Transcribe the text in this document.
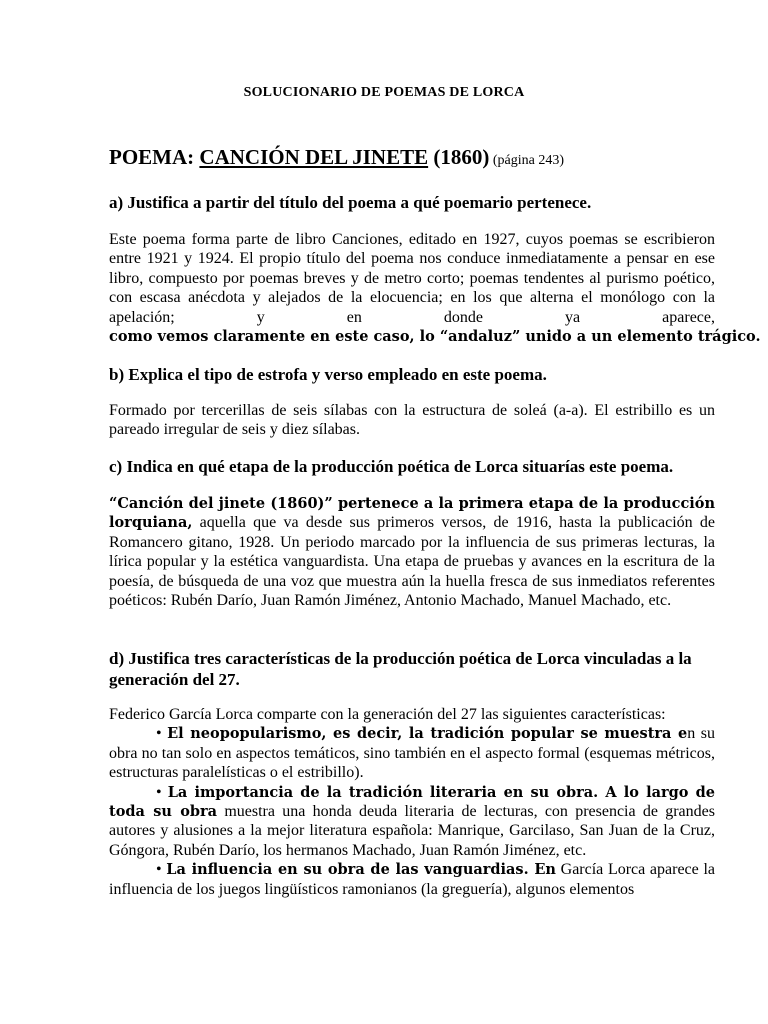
SOLUCIONARIO DE POEMAS DE LORCA
POEMA: CANCIÓN DEL JINETE (1860) (página 243)
a) Justifica a partir del título del poema a qué poemario pertenece.
Este poema forma parte de libro Canciones, editado en 1927, cuyos poemas se escribieron entre 1921 y 1924. El propio título del poema nos conduce inmediatamente a pensar en ese libro, compuesto por poemas breves y de metro corto; poemas tendentes al purismo poético, con escasa anécdota y alejados de la elocuencia; en los que alterna el monólogo con la apelación; y en donde ya aparece, como vemos claramente en este caso, lo “andaluz” unido a un elemento trágico.
b) Explica el tipo de estrofa y verso empleado en este poema.
Formado por tercerillas de seis sílabas con la estructura de soleá (a-a). El estribillo es un pareado irregular de seis y diez sílabas.
c) Indica en qué etapa de la producción poética de Lorca situarías este poema.
“Canción del jinete (1860)” pertenece a la primera etapa de la producción lorquiana, aquella que va desde sus primeros versos, de 1916, hasta la publicación de Romancero gitano, 1928. Un periodo marcado por la influencia de sus primeras lecturas, la lírica popular y la estética vanguardista. Una etapa de pruebas y avances en la escritura de la poesía, de búsqueda de una voz que muestra aún la huella fresca de sus inmediatos referentes poéticos: Rubén Darío, Juan Ramón Jiménez, Antonio Machado, Manuel Machado, etc.
d) Justifica tres características de la producción poética de Lorca vinculadas a la generación del 27.
Federico García Lorca comparte con la generación del 27 las siguientes características:
• El neopopularismo, es decir, la tradición popular se muestra en su obra no tan solo en aspectos temáticos, sino también en el aspecto formal (esquemas métricos, estructuras paralelísticas o el estribillo).
• La importancia de la tradición literaria en su obra. A lo largo de toda su obra muestra una honda deuda literaria de lecturas, con presencia de grandes autores y alusiones a la mejor literatura española: Manrique, Garcilaso, San Juan de la Cruz, Góngora, Rubén Darío, los hermanos Machado, Juan Ramón Jiménez, etc.
• La influencia en su obra de las vanguardias. En García Lorca aparece la influencia de los juegos lingüísticos ramonianos (la greguería), algunos elementos
